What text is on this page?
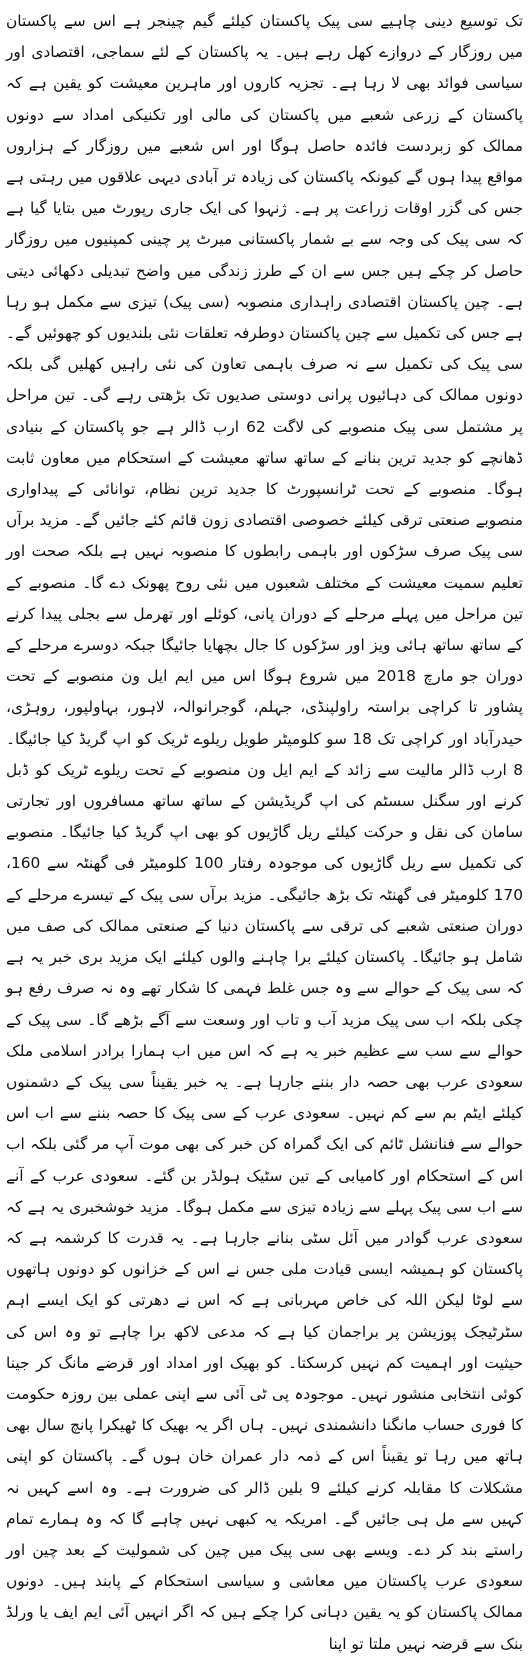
تک توسیع دینی چاہیے سی پیک پاکستان کیلئے گیم چینجر ہے اس سے پاکستان میں روزگار کے دروازے کھل رہے ہیں۔ یہ پاکستان کے لئے سماجی، اقتصادی اور سیاسی فوائد بھی لا رہا ہے۔ تجزیہ کاروں اور ماہرین معیشت کو یقین ہے کہ پاکستان کے زرعی شعبے میں پاکستان کی مالی اور تکنیکی امداد سے دونوں ممالک کو زبردست فائدہ حاصل ہوگا اور اس شعبے میں روزگار کے ہزاروں مواقع پیدا ہوں گے کیونکہ پاکستان کی زیادہ تر آبادی دیہی علاقوں میں رہتی ہے جس کی گزر اوقات زراعت پر ہے۔ ژنہوا کی ایک جاری رپورٹ میں بتایا گیا ہے کہ سی پیک کی وجہ سے بے شمار پاکستانی میرٹ پر چینی کمپنیوں میں روزگار حاصل کر چکے ہیں جس سے ان کے طرز زندگی میں واضح تبدیلی دکھائی دیتی ہے۔ چین پاکستان اقتصادی راہداری منصوبہ (سی پیک) تیزی سے مکمل ہو رہا ہے جس کی تکمیل سے چین پاکستان دوطرفہ تعلقات نئی بلندیوں کو چھوئیں گے۔ سی پیک کی تکمیل سے نہ صرف باہمی تعاون کی نئی راہیں کھلیں گی بلکہ دونوں ممالک کی دہائیوں پرانی دوستی صدیوں تک بڑھتی رہے گی۔ تین مراحل پر مشتمل سی پیک منصوبے کی لاگت 62 ارب ڈالر ہے جو پاکستان کے بنیادی ڈھانچے کو جدید ترین بنانے کے ساتھ ساتھ معیشت کے استحکام میں معاون ثابت ہوگا۔ منصوبے کے تحت ٹرانسپورٹ کا جدید ترین نظام، توانائی کے پیداواری منصوبے صنعتی ترقی کیلئے خصوصی اقتصادی زون قائم کئے جائیں گے۔ مزید برآں سی پیک صرف سڑکوں اور باہمی رابطوں کا منصوبہ نہیں ہے بلکہ صحت اور تعلیم سمیت معیشت کے مختلف شعبوں میں نئی روح پھونک دے گا۔ منصوبے کے تین مراحل میں پہلے مرحلے کے دوران پانی، کوئلے اور تھرمل سے بجلی پیدا کرنے کے ساتھ ساتھ ہائی ویز اور سڑکوں کا جال بچھایا جائیگا جبکہ دوسرے مرحلے کے دوران جو مارچ 2018 میں شروع ہوگا اس میں ایم ایل ون منصوبے کے تحت پشاور تا کراچی براستہ راولپنڈی، جہلم، گوجرانوالہ، لاہور، بہاولپور، روہڑی، حیدرآباد اور کراچی تک 18 سو کلومیٹر طویل ریلوے ٹریک کو اپ گریڈ کیا جائیگا۔ 8 ارب ڈالر مالیت سے زائد کے ایم ایل ون منصوبے کے تحت ریلوے ٹریک کو ڈبل کرنے اور سگنل سسٹم کی اپ گریڈیشن کے ساتھ ساتھ مسافروں اور تجارتی سامان کی نقل و حرکت کیلئے ریل گاڑیوں کو بھی اپ گریڈ کیا جائیگا۔ منصوبے کی تکمیل سے ریل گاڑیوں کی موجودہ رفتار 100 کلومیٹر فی گھنٹہ سے 160، 170 کلومیٹر فی گھنٹہ تک بڑھ جائیگی۔ مزید برآں سی پیک کے تیسرے مرحلے کے دوران صنعتی شعبے کی ترقی سے پاکستان دنیا کے صنعتی ممالک کی صف میں شامل ہو جائیگا۔ پاکستان کیلئے برا چاہنے والوں کیلئے ایک مزید بری خبر یہ ہے کہ سی پیک کے حوالے سے وہ جس غلط فہمی کا شکار تھے وہ نہ صرف رفع ہو چکی بلکہ اب سی پیک مزید آب و تاب اور وسعت سے آگے بڑھے گا۔ سی پیک کے حوالے سے سب سے عظیم خبر یہ ہے کہ اس میں اب ہمارا برادر اسلامی ملک سعودی عرب بھی حصہ دار بننے جارہا ہے۔ یہ خبر یقیناً سی پیک کے دشمنوں کیلئے ایٹم بم سے کم نہیں۔ سعودی عرب کے سی پیک کا حصہ بننے سے اب اس حوالے سے فنانشل ٹائم کی ایک گمراہ کن خبر کی بھی موت آپ مر گئی بلکہ اب اس کے استحکام اور کامیابی کے تین سٹیک ہولڈر بن گئے۔ سعودی عرب کے آنے سے اب سی پیک پہلے سے زیادہ تیزی سے مکمل ہوگا۔ مزید خوشخبری یہ ہے کہ سعودی عرب گوادر میں آئل سٹی بنانے جارہا ہے۔ یہ قدرت کا کرشمہ ہے کہ پاکستان کو ہمیشہ ایسی قیادت ملی جس نے اس کے خزانوں کو دونوں ہاتھوں سے لوٹا لیکن اللہ کی خاص مہربانی ہے کہ اس نے دھرتی کو ایک ایسے اہم سٹرٹیجک پوزیشن پر براجمان کیا ہے کہ مدعی لاکھ برا چاہے تو وہ اس کی حیثیت اور اہمیت کم نہیں کرسکتا۔ کو بھیک اور امداد اور قرضے مانگ کر جینا کوئی انتخابی منشور نہیں۔ موجودہ پی ٹی آئی سے اپنی عملی بین روزہ حکومت کا فوری حساب مانگنا دانشمندی نہیں۔ ہاں اگر یہ بھیک کا ٹھیکرا پانچ سال بھی ہاتھ میں رہا تو یقیناً اس کے ذمہ دار عمران خان ہوں گے۔ پاکستان کو اپنی مشکلات کا مقابلہ کرنے کیلئے 9 بلین ڈالر کی ضرورت ہے۔ وہ اسے کہیں نہ کہیں سے مل ہی جائیں گے۔ امریکہ یہ کبھی نہیں چاہے گا کہ وہ ہمارے تمام راستے بند کر دے۔ ویسے بھی سی پیک میں چین کی شمولیت کے بعد چین اور سعودی عرب پاکستان میں معاشی و سیاسی استحکام کے پابند ہیں۔ دونوں ممالک پاکستان کو یہ یقین دہانی کرا چکے ہیں کہ اگر انہیں آئی ایم ایف یا ورلڈ بنک سے قرضہ نہیں ملتا تو اپنا
